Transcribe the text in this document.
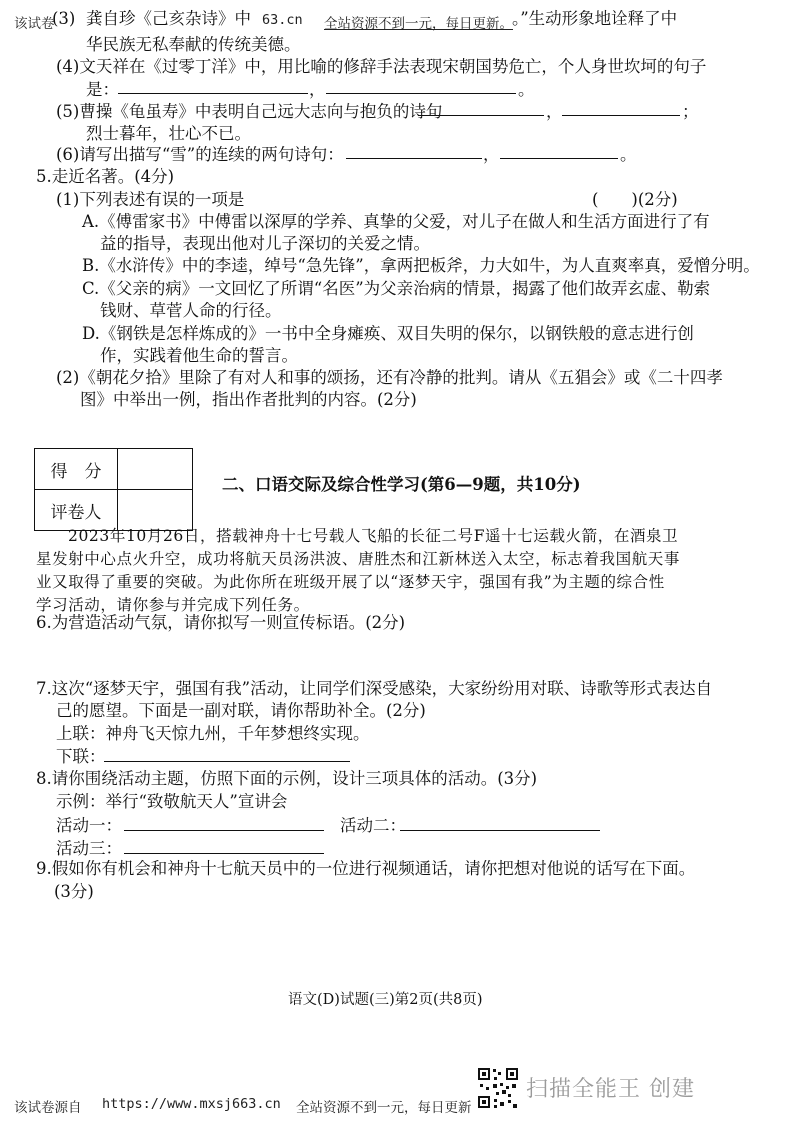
该试卷
(3) 龚自珍《己亥杂诗》中 63.cn 全站资源不到一元，每日更新。 。”生动形象地诠释了中
华民族无私奉献的传统美德。
(4)文天祥在《过零丁洋》中，用比喻的修辞手法表现宋朝国势危亡，个人身世坎坷的句子
是：	，	。
(5)曹操《龟虽寿》中表明自己远大志向与抱负的诗句	，	；
烈士暮年，壮心不已。
(6)请写出描写“雪”的连续的两句诗句：	，	。
5.走近名著。(4分)
(1)下列表述有误的一项是	(　　)(2分)
A.《傅雷家书》中傅雷以深厚的学养、真挚的父爱，对儿子在做人和生活方面进行了有
益的指导，表现出他对儿子深切的关爱之情。
B.《水浒传》中的李逵，绰号“急先锋”，拿两把板斧，力大如牛，为人直爽率真，爱憎分明。
C.《父亲的病》一文回忆了所谓“名医”为父亲治病的情景，揭露了他们故弄玄虚、勒索
钱财、草菅人命的行径。
D.《钢铁是怎样炼成的》一书中全身瘫痪、双目失明的保尔，以钢铁般的意志进行创
作，实践着他生命的誓言。
(2)《朝花夕拾》里除了有对人和事的颂扬，还有冷静的批判。请从《五猖会》或《二十四孝
图》中举出一例，指出作者批判的内容。(2分)
得　分	
评卷人	
二、口语交际及综合性学习(第6—9题，共10分)
2023年10月26日，搭载神舟十七号载人飞船的长征二号F遥十七运载火箭，在酒泉卫
星发射中心点火升空，成功将航天员汤洪波、唐胜杰和江新林送入太空，标志着我国航天事
业又取得了重要的突破。为此你所在班级开展了以“逐梦天宇，强国有我”为主题的综合性
学习活动，请你参与并完成下列任务。
6.为营造活动气氛，请你拟写一则宣传标语。(2分)
7.这次“逐梦天宇，强国有我”活动，让同学们深受感染，大家纷纷用对联、诗歌等形式表达自
己的愿望。下面是一副对联，请你帮助补全。(2分)
上联：神舟飞天惊九州，千年梦想终实现。
下联：
8.请你围绕活动主题，仿照下面的示例，设计三项具体的活动。(3分)
示例：举行“致敬航天人”宣讲会
活动一：	活动二：
活动三：
9.假如你有机会和神舟十七航天员中的一位进行视频通话，请你把想对他说的话写在下面。
(3分)
语文(D)试题(三)第2页(共8页)
该试卷源自 https://www.mxsj663.cn 全站资源不到一元，每日更新
扫描全能王 创建
